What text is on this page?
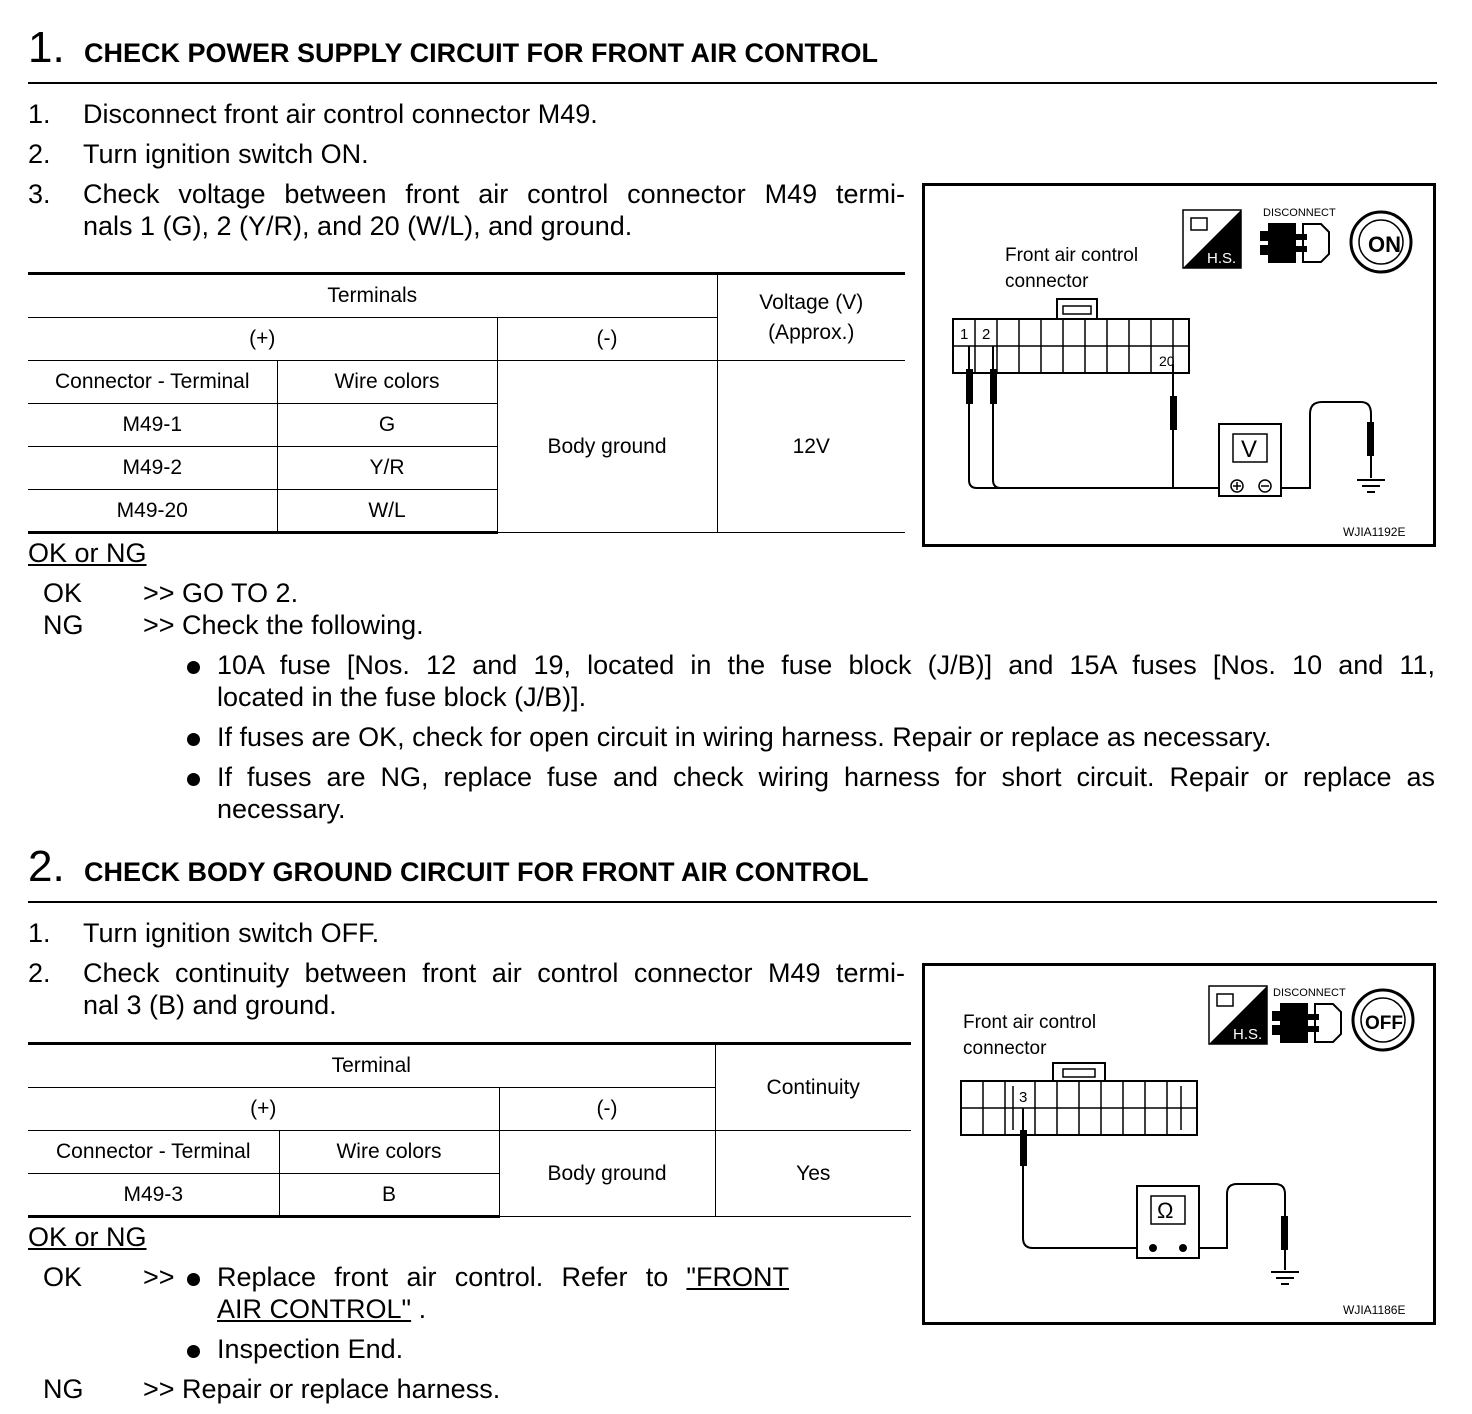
1. CHECK POWER SUPPLY CIRCUIT FOR FRONT AIR CONTROL
1. Disconnect front air control connector M49.
2. Turn ignition switch ON.
3. Check voltage between front air control connector M49 termi-
nals 1 (G), 2 (Y/R), and 20 (W/L), and ground.
Terminals			Voltage (V)
(Approx.)

(+)		(-)	
Connector - Terminal	Wire colors	Body ground	12V
M49-1	G		
M49-2	Y/R		
M49-20	W/L		
Front air control
connector
H.S.
DISCONNECT
ON
1 2
20
V
WJIA1192E
OK or NG
OK >> GO TO 2.
NG >> Check the following.
10A fuse [Nos. 12 and 19, located in the fuse block (J/B)] and 15A fuses [Nos. 10 and 11,
located in the fuse block (J/B)].
If fuses are OK, check for open circuit in wiring harness. Repair or replace as necessary.
If fuses are NG, replace fuse and check wiring harness for short circuit. Repair or replace as
necessary.
2. CHECK BODY GROUND CIRCUIT FOR FRONT AIR CONTROL
1. Turn ignition switch OFF.
2. Check continuity between front air control connector M49 termi-
nal 3 (B) and ground.
Terminal			Continuity
(+)		(-)	
Connector - Terminal	Wire colors	Body ground	Yes
M49-3	B		
Front air control
connector
H.S.
DISCONNECT
OFF
3
Ω
WJIA1186E
OK or NG
OK >> Replace front air control. Refer to "FRONT
AIR CONTROL" .
Inspection End.
NG >> Repair or replace harness.
